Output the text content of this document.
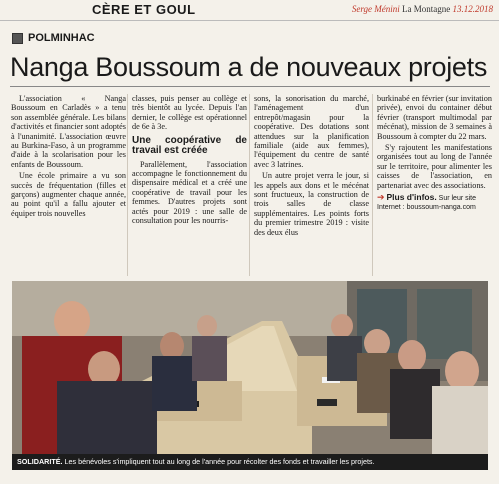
CÈRE ET GOUL	Serge Ménini La Montagne 13.12.2018
POLMINHAC
Nanga Boussoum a de nouveaux projets

L'association « Nanga Boussoum en Carladès » a tenu son assemblée générale. Les bilans d'activités et financier sont adoptés à l'unanimité. L'association œuvre au Burkina-Faso, à un programme d'aide à la scolarisation pour les enfants de Boussoum.

Une école primaire a vu son succès de fréquentation (filles et garçons) augmenter chaque année, au point qu'il a fallu ajouter et équiper trois nouvelles

classes, puis penser au collège et très bientôt au lycée. Depuis l'an dernier, le collège est opérationnel de 6e à 3e.

Une coopérative de travail est créée

Parallèlement, l'association accompagne le fonctionnement du dispensaire médical et a créé une coopérative de travail pour les femmes. D'autres projets sont actés pour 2019 : une salle de consultation pour les nourris-

sons, la sonorisation du marché, l'aménagement d'un entrepôt/magasin pour la coopérative. Des dotations sont attendues sur la planification familiale (aide aux femmes), l'équipement du centre de santé avec 3 latrines.

Un autre projet verra le jour, si les appels aux dons et le mécénat sont fructueux, la construction de trois salles de classe supplémentaires. Les points forts du premier trimestre 2019 : visite des deux élus

burkinabé en février (sur invitation privée), envoi du container début février (transport multimodal par mécénat), mission de 3 semaines à Boussoum à compter du 22 mars.

S'y rajoutent les manifestations organisées tout au long de l'année sur le territoire, pour alimenter les caisses de l'association, en partenariat avec des associations.

➔ Plus d'infos. Sur leur site
Internet : boussoum-nanga.com
SOLIDARITÉ. Les bénévoles s'impliquent tout au long de l'année pour récolter des fonds et travailler les projets.
